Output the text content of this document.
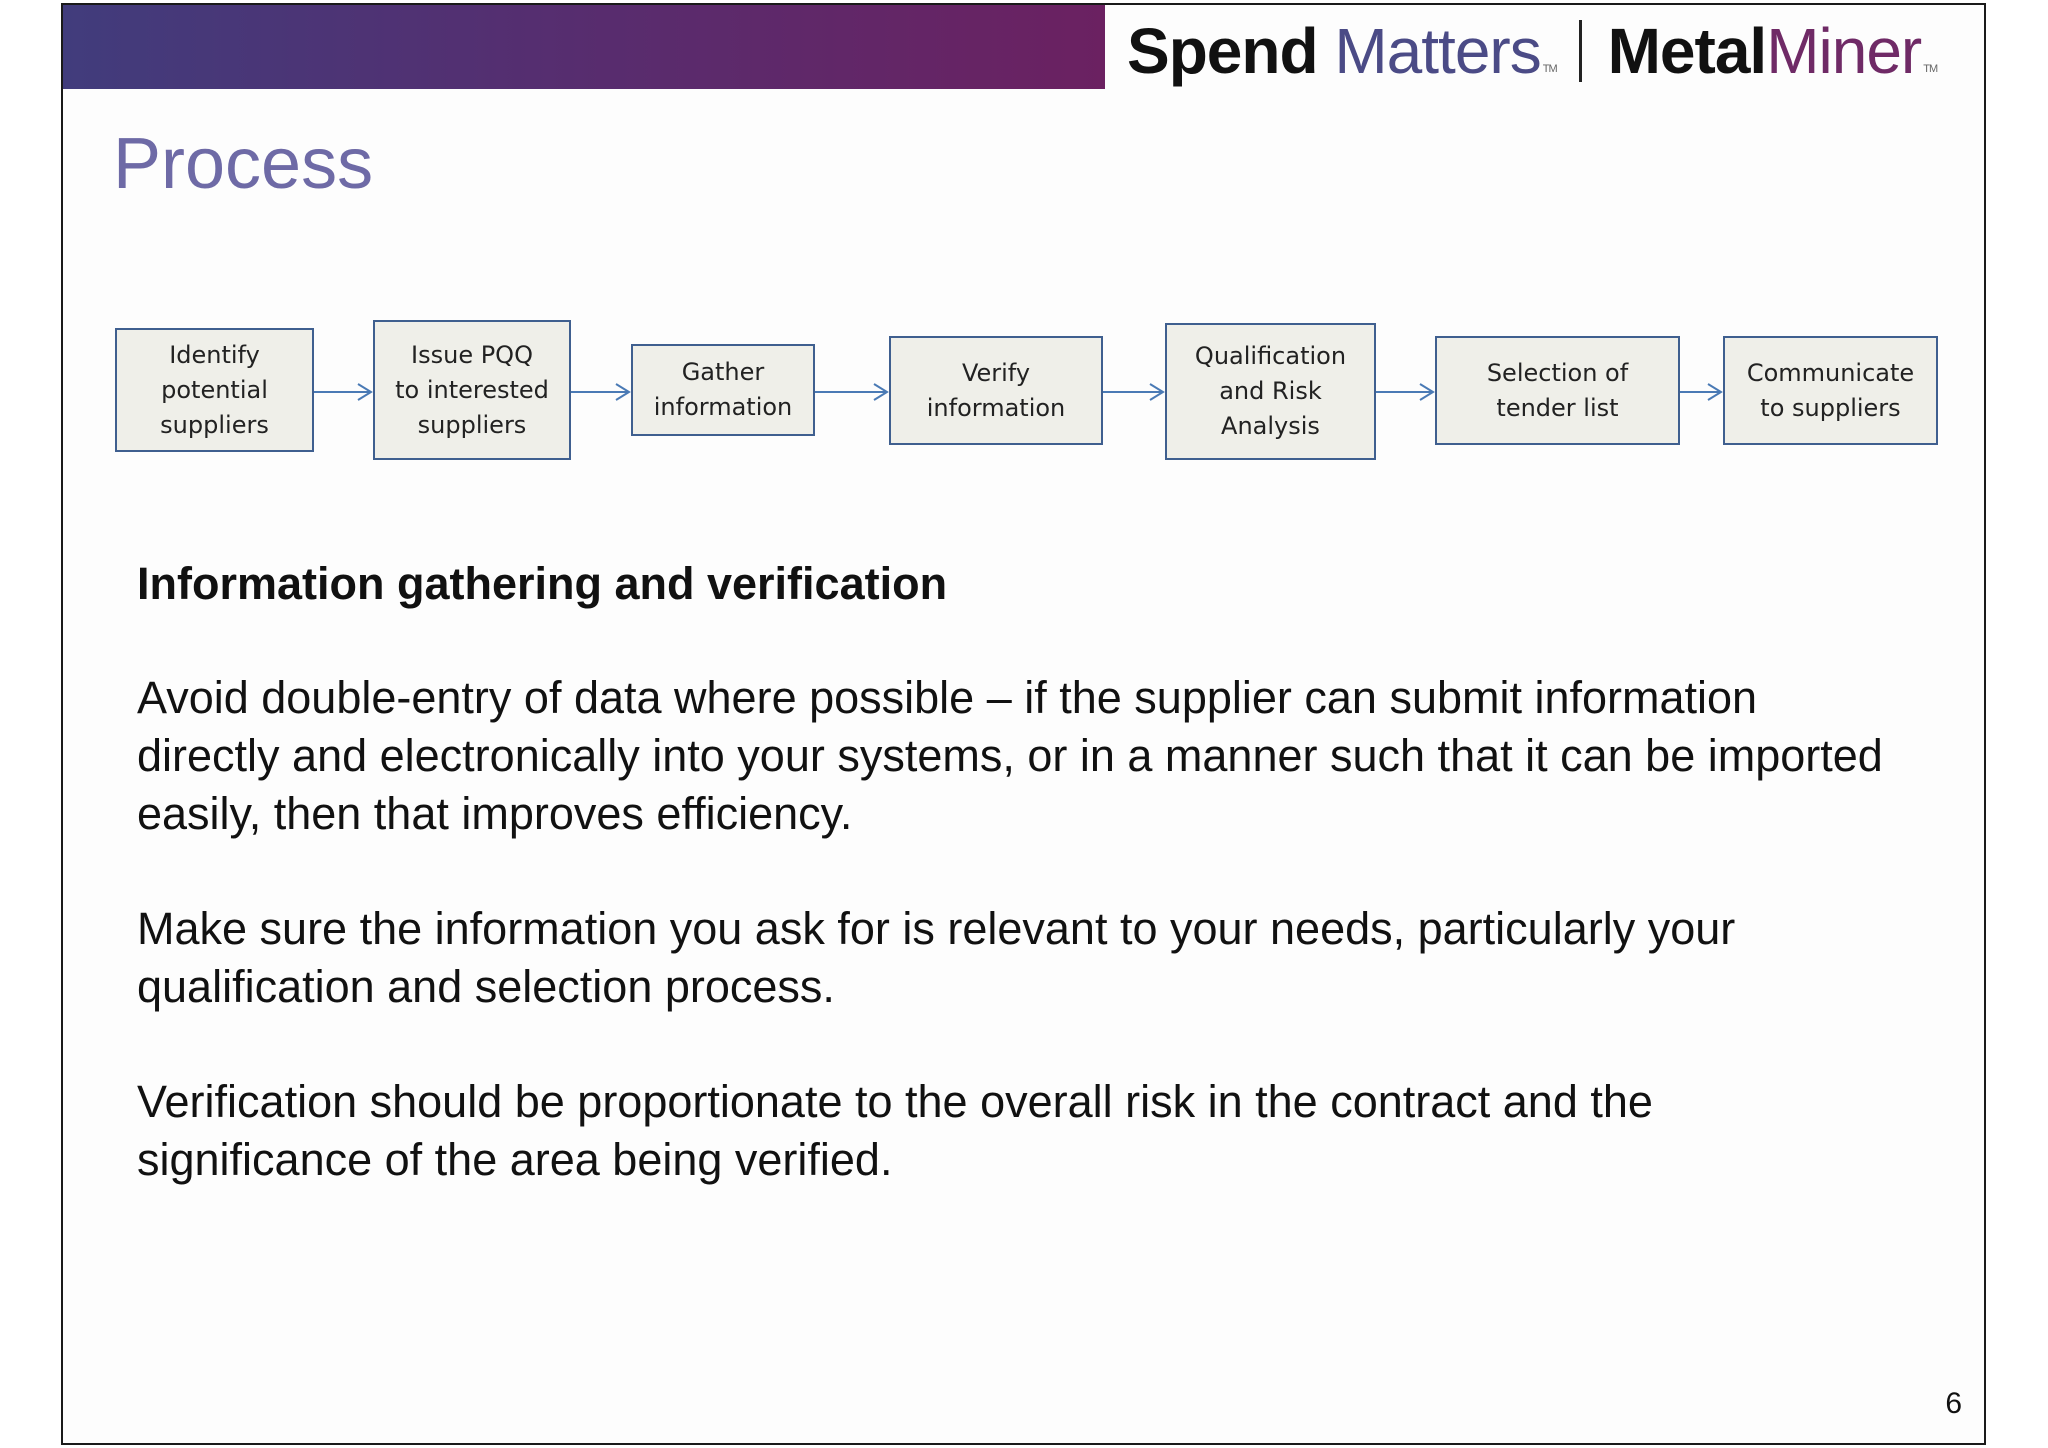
Spend Matters ™ MetalMiner ™
Process
Identify
potential
suppliers
Issue PQQ
to interested
suppliers
Gather
information
Verify
information
Qualification
and Risk
Analysis
Selection of
tender list
Communicate
to suppliers
Information gathering and verification

Avoid double-entry of data where possible – if the supplier can submit information directly and electronically into your systems, or in a manner such that it can be imported easily, then that improves efficiency.

Make sure the information you ask for is relevant to your needs, particularly your qualification and selection process.

Verification should be proportionate to the overall risk in the contract and the significance of the area being verified.

6
